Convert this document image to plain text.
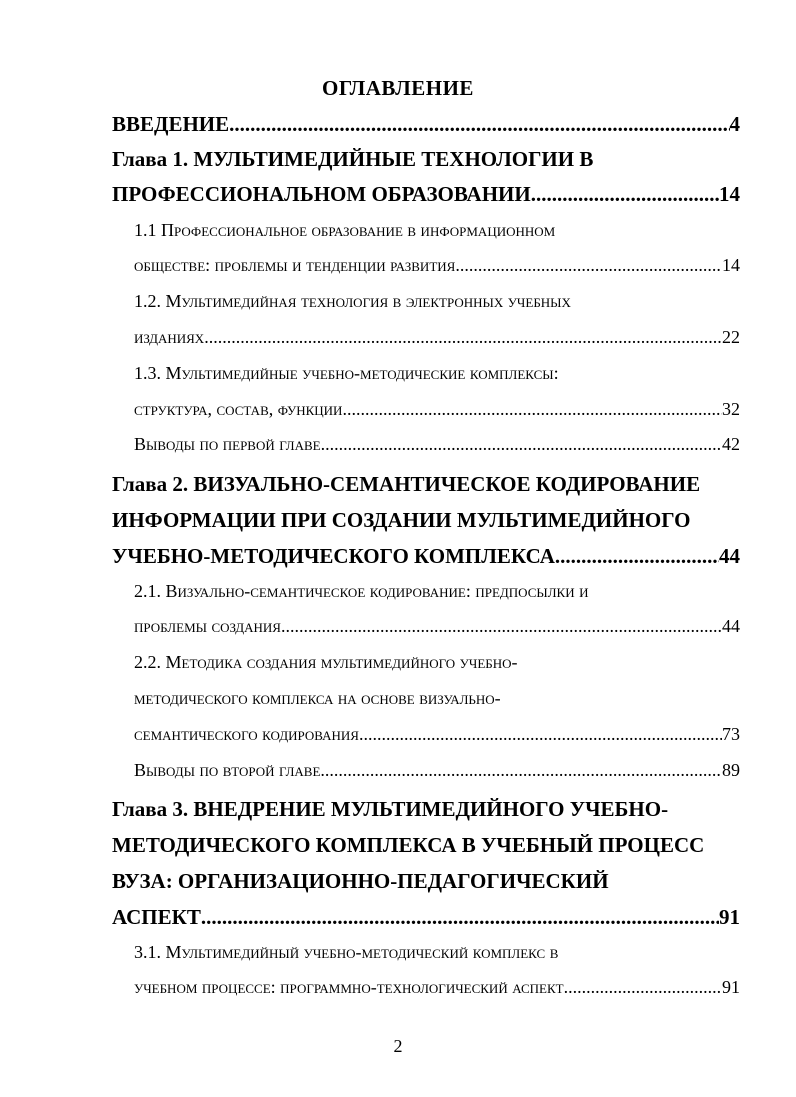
ОГЛАВЛЕНИЕ
ВВЕДЕНИЕ .....	4
Глава 1. МУЛЬТИМЕДИЙНЫЕ ТЕХНОЛОГИИ В
ПРОФЕССИОНАЛЬНОМ ОБРАЗОВАНИИ .....	14
1.1 Профессиональное образование в информационном
обществе: проблемы и тенденции развития .....	14
1.2. Мультимедийная технология в электронных учебных
изданиях .....	22
1.3. Мультимедийные учебно-методические комплексы:
структура, состав, функции .....	32
Выводы по первой главе .....	42
Глава 2. ВИЗУАЛЬНО-СЕМАНТИЧЕСКОЕ КОДИРОВАНИЕ
ИНФОРМАЦИИ ПРИ СОЗДАНИИ МУЛЬТИМЕДИЙНОГО
УЧЕБНО-МЕТОДИЧЕСКОГО КОМПЛЕКСА .....	44
2.1. Визуально-семантическое кодирование: предпосылки и
проблемы создания .....	44
2.2. Методика создания мультимедийного учебно-
методического комплекса на основе визуально-
семантического кодирования .....	73
Выводы по второй главе .....	89
Глава 3. ВНЕДРЕНИЕ МУЛЬТИМЕДИЙНОГО УЧЕБНО-
МЕТОДИЧЕСКОГО КОМПЛЕКСА В УЧЕБНЫЙ ПРОЦЕСС
ВУЗА: ОРГАНИЗАЦИОННО-ПЕДАГОГИЧЕСКИЙ
АСПЕКТ .....	91
3.1. Мультимедийный учебно-методический комплекс в
учебном процессе: программно-технологический аспект .....	91
2
